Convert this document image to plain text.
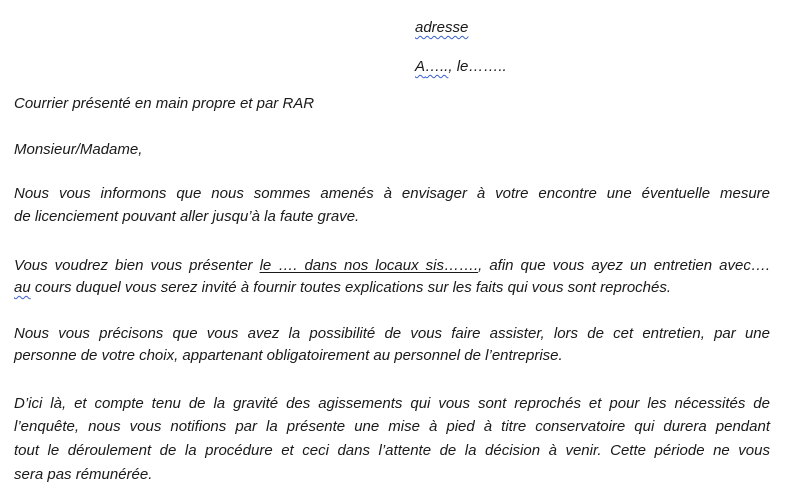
adresse
A….., le……..
Courrier présenté en main propre et par RAR
Monsieur/Madame,
Nous vous informons que nous sommes amenés à envisager à votre encontre une éventuelle mesure
de licenciement pouvant aller jusqu’à la faute grave.
Vous voudrez bien vous présenter le …. dans nos locaux sis……., afin que vous ayez un entretien avec….
au cours duquel vous serez invité à fournir toutes explications sur les faits qui vous sont reprochés.
Nous vous précisons que vous avez la possibilité de vous faire assister, lors de cet entretien, par une
personne de votre choix, appartenant obligatoirement au personnel de l’entreprise.
D’ici là, et compte tenu de la gravité des agissements qui vous sont reprochés et pour les nécessités de
l’enquête, nous vous notifions par la présente une mise à pied à titre conservatoire qui durera pendant
tout le déroulement de la procédure et ceci dans l’attente de la décision à venir. Cette période ne vous
sera pas rémunérée.
